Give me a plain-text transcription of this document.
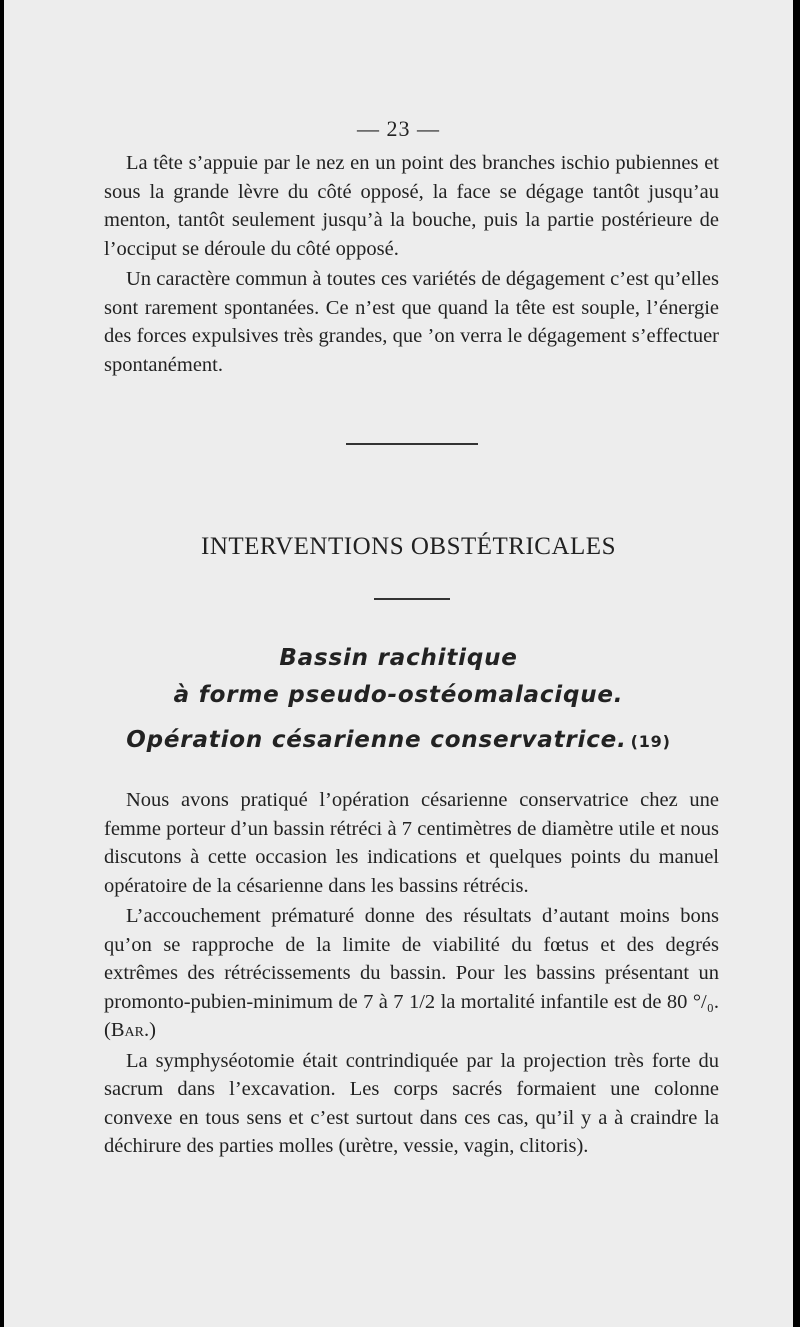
— 23 —

La tête s’appuie par le nez en un point des branches ischio pubiennes et sous la grande lèvre du côté opposé, la face se dégage tantôt jusqu’au menton, tantôt seulement jusqu’à la bouche, puis la partie postérieure de l’occiput se déroule du côté opposé.

Un caractère commun à toutes ces variétés de dégagement c’est qu’elles sont rarement spontanées. Ce n’est que quand la tête est souple, l’énergie des forces expulsives très grandes, que ’on verra le dégagement s’effectuer spontanément.

INTERVENTIONS OBSTÉTRICALES
Bassin rachitique
à forme pseudo-ostéomalacique.
Opération césarienne conservatrice. (19)

Nous avons pratiqué l’opération césarienne conservatrice chez une femme porteur d’un bassin rétréci à 7 centimètres de diamètre utile et nous discutons à cette occasion les indications et quelques points du manuel opératoire de la césarienne dans les bassins rétrécis.

L’accouchement prématuré donne des résultats d’autant moins bons qu’on se rapproche de la limite de viabilité du fœtus et des degrés extrêmes des rétrécissements du bassin. Pour les bassins présentant un promonto-pubien-minimum de 7 à 7 1/2 la mortalité infantile est de 80 °/₀. (Bar.)

La symphyséotomie était contrindiquée par la projection très forte du sacrum dans l’excavation. Les corps sacrés formaient une colonne convexe en tous sens et c’est surtout dans ces cas, qu’il y a à craindre la déchirure des parties molles (urètre, vessie, vagin, clitoris).
